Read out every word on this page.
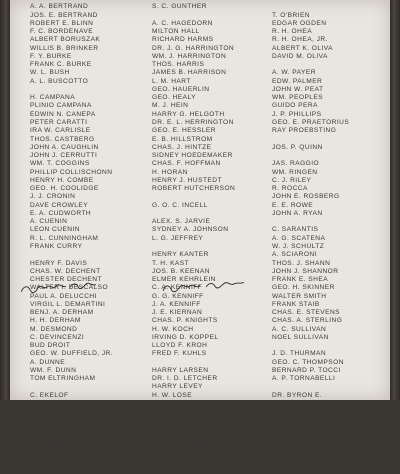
A. A. BERTRAND
JOS. E. BERTRAND
ROBERT E. BLINN
F. C. BORDENAVE
ALBERT BORUSZAK
WILLIS B. BRINKER
F. Y. BURKE
FRANK C. BURKE
W. L. BUSH
A. L. BUSCOTTO
H. CAMPANA
PLINIO CAMPANA
EDWIN N. CANEPA
PETER CARATTI
IRA W. CARLISLE
THOS. CASTBERG
JOHN A. CAUGHLIN
JOHN J. CERRUTTI
WM. T. COGGINS
PHILLIP COLLISCHONN
HENRY H. COMBE
GEO. H. COOLIDGE
J. J. CRONIN
DAVE CROWLEY
E. A. CUDWORTH
A. CUENIN
LEON CUENIN
R. L. CUNNINGHAM
FRANK CURRY
HENRY F. DAVIS
CHAS. W. DECHENT
CHESTER DECHENT
WALTER I. DESCALSO
PAUL A. DELUCCHI
VIRGIL L. DEMARTINI
BENJ. A. DERHAM
H. H. DERHAM
M. DESMOND
C. DEVINCENZI
BUD DROIT
GEO. W. DUFFIELD, JR.
A. DUNNE
WM. F. DUNN
TOM ELTRINGHAM
C. EKELOF
WM. H. ELLIOTT
TOM ELTRINGHAM
FRANK J. FARLEY
C. M. FARRELL
LOUIS FERRO
A. J. FERROGGIARO
JAS. A. FINLAYSON
PAT FLYNN
S. C. GUNTHER
A. C. HAGEDORN
MILTON HALL
RICHARD HARMS
DR. J. G. HARRINGTON
WM. J. HARRINGTON
THOS. HARRIS
JAMES B. HARRISON
L. M. HART
GEO. HAUERLIN
GEO. HEALY
M. J. HEIN
HARRY G. HELGOTH
DR. E. L. HERRINGTON
GEO. E. HESSLER
E. B. HILLSTROM
CHAS. J. HINTZE
SIDNEY HOEDEMAKER
CHAS. F. HOFFMAN
H. HORAN
HENRY J. HUSTEDT
ROBERT HUTCHERSON
G. O. C. INCELL
ALEX. S. JARVIE
SYDNEY A. JOHNSON
L. G. JEFFREY
HENRY KANTER
T. H. KAST
JOS. B. KEENAN
ELMER KEHRLEIN
C. A. KENNIFF
G. G. KENNIFF
J. A. KENNIFF
J. E. KIERNAN
CHAS. P. KNIGHTS
H. W. KOCH
IRVING D. KOPPEL
LLOYD F. KROH
FRED F. KUHLS
HARRY LARSEN
DR. I. D. LETCHER
HARRY LEVEY
H. W. LOSE
MORTON LUHN
J. F. LYONS
CARL H. LUDEMANN
RALPH MACKAY
THOS. L. MAHONEY
FRANK MARINI
WM. J. MARTIN
T. O'BRIEN
EDGAR OGDEN
R. H. OHEA
R. H. OHEA, JR.
ALBERT K. OLIVA
DAVID M. OLIVA
A. W. PAYER
EDW. PALMER
JOHN W. PEAT
WM. PEOPLES
GUIDO PERA
J. P. PHILLIPS
GEO. E. PRAETORIUS
RAY PROEBSTING
JOS. P. QUINN
JAS. RAGGIO
WM. RINGEN
C. J. RILEY
R. ROCCA
JOHN E. ROSBERG
E. E. ROWE
JOHN A. RYAN
C. SARANTIS
A. G. SCATENA
W. J. SCHULTZ
A. SCIARONI
THOS. J. SHANN
JOHN J. SHANNOR
FRANK E. SHEA
GEO. H. SKINNER
WALTER SMITH
FRANK STAIB
CHAS. E. STEVENS
CHAS. A. STERLING
A. C. SULLIVAN
NOEL SULLIVAN
J. D. THURMAN
GEO. C. THOMPSON
BERNARD P. TOCCI
A. P. TORNABELLI
DR. BYRON E.
VAN ALSTYNE
S. P. VICINI
VOYNE VUCOSLAVIC
D. C. WALLACE
DR. A. W. WARD
THOS. J. WATSON
E. C. WELLMAN
JEROME B. WHITE
